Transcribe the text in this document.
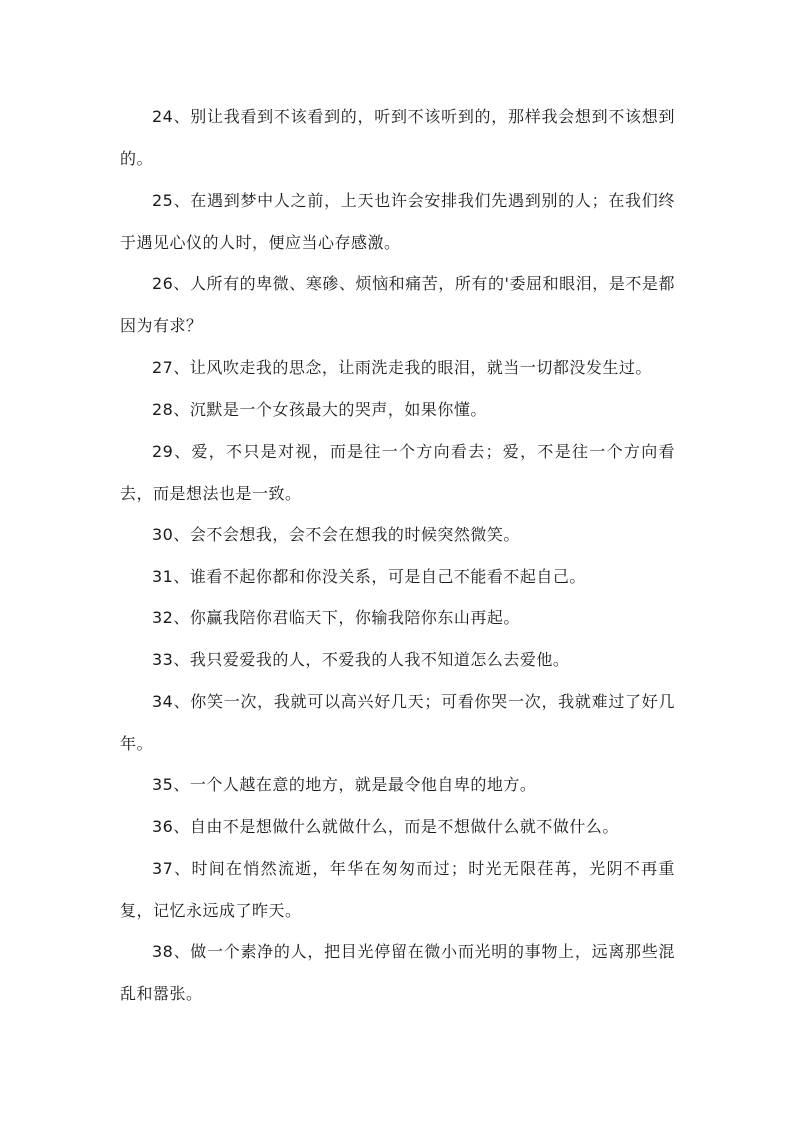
24、别让我看到不该看到的，听到不该听到的，那样我会想到不该想到的。

25、在遇到梦中人之前，上天也许会安排我们先遇到别的人；在我们终于遇见心仪的人时，便应当心存感激。

26、人所有的卑微、寒碜、烦恼和痛苦，所有的'委屈和眼泪，是不是都因为有求？

27、让风吹走我的思念，让雨洗走我的眼泪，就当一切都没发生过。

28、沉默是一个女孩最大的哭声，如果你懂。

29、爱，不只是对视，而是往一个方向看去；爱，不是往一个方向看去，而是想法也是一致。

30、会不会想我，会不会在想我的时候突然微笑。

31、谁看不起你都和你没关系，可是自己不能看不起自己。

32、你赢我陪你君临天下，你输我陪你东山再起。

33、我只爱爱我的人，不爱我的人我不知道怎么去爱他。

34、你笑一次，我就可以高兴好几天；可看你哭一次，我就难过了好几年。

35、一个人越在意的地方，就是最令他自卑的地方。

36、自由不是想做什么就做什么，而是不想做什么就不做什么。

37、时间在悄然流逝，年华在匆匆而过；时光无限荏苒，光阴不再重复，记忆永远成了昨天。

38、做一个素净的人，把目光停留在微小而光明的事物上，远离那些混乱和嚣张。
